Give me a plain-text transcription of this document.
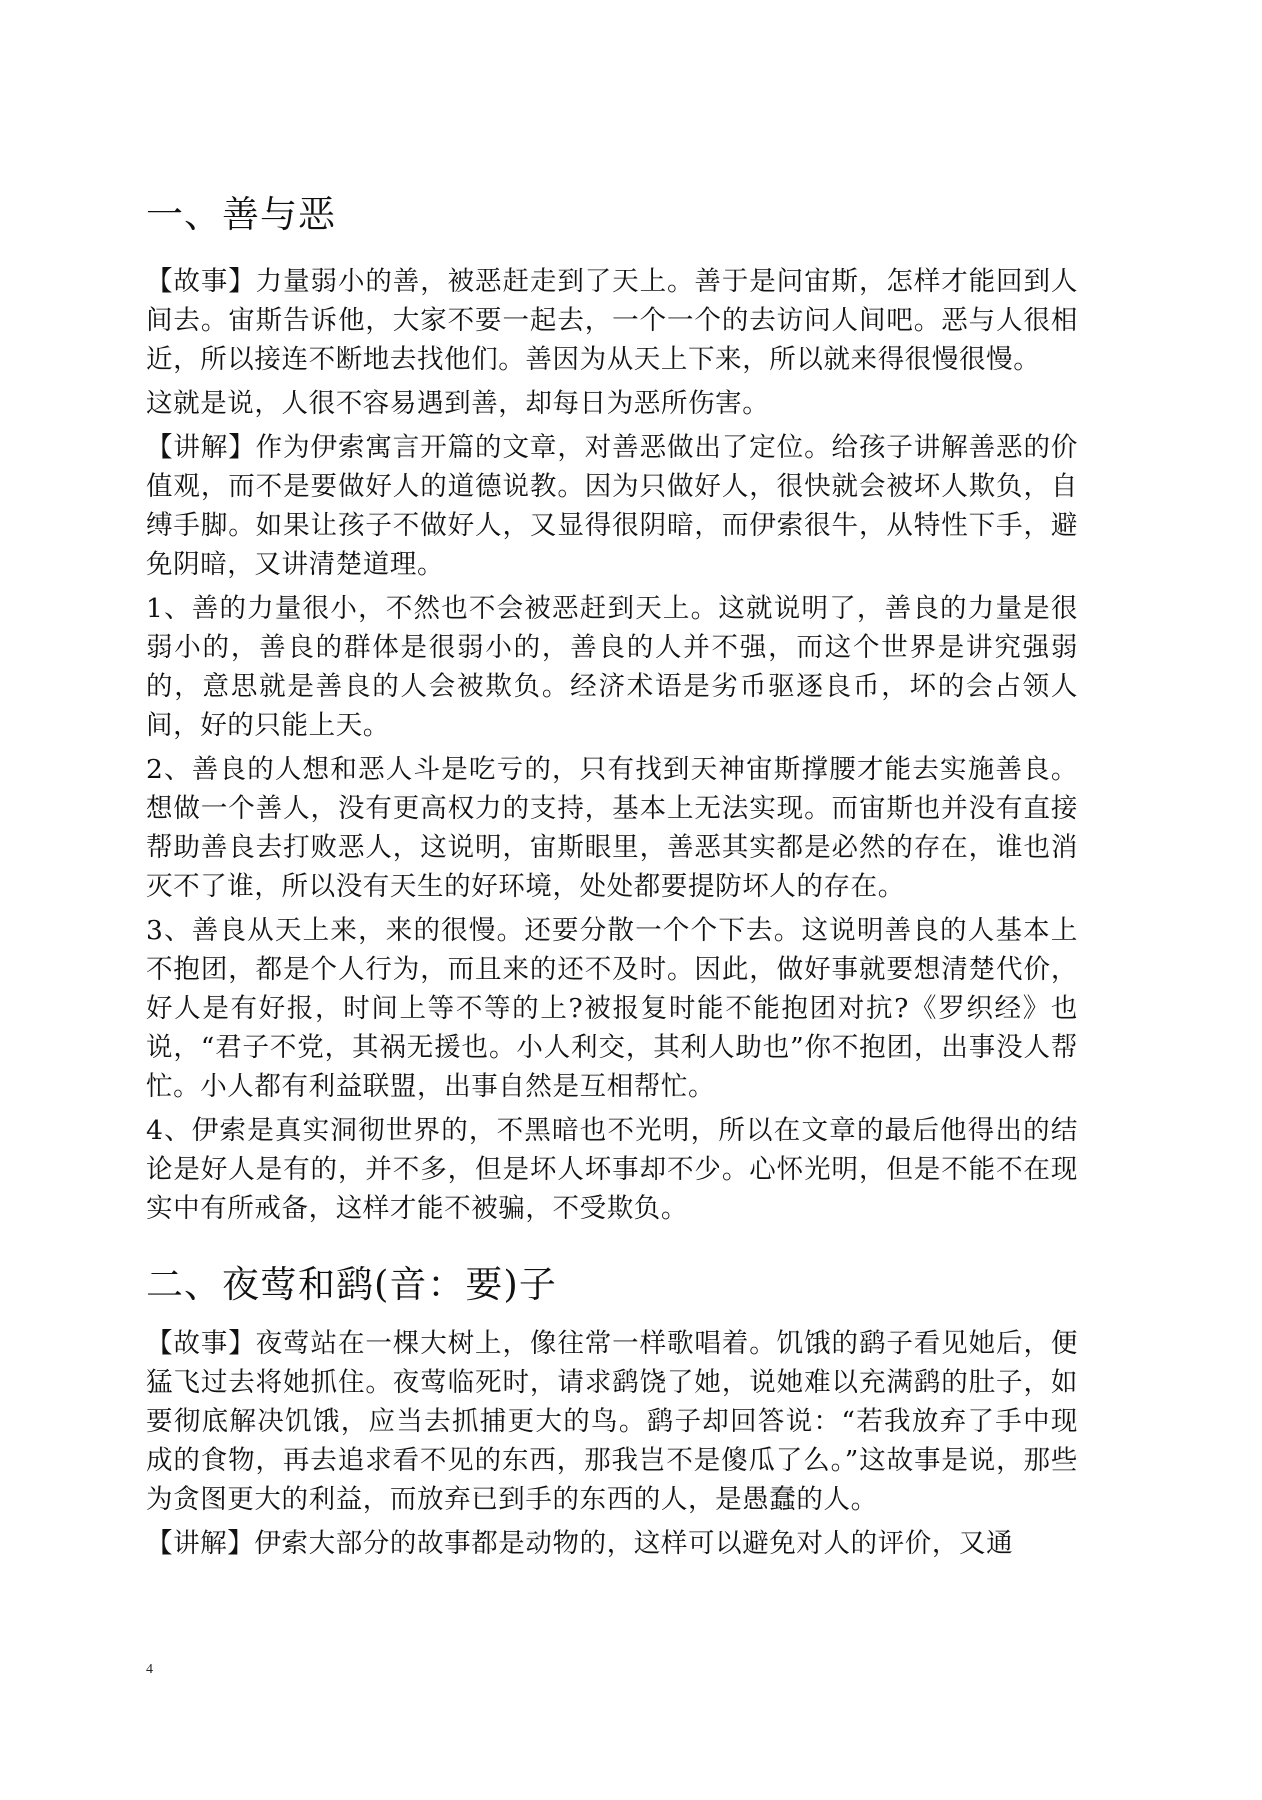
一、善与恶

【故事】力量弱小的善，被恶赶走到了天上。善于是问宙斯，怎样才能回到人间去。宙斯告诉他，大家不要一起去，一个一个的去访问人间吧。恶与人很相近，所以接连不断地去找他们。善因为从天上下来，所以就来得很慢很慢。

这就是说，人很不容易遇到善，却每日为恶所伤害。

【讲解】作为伊索寓言开篇的文章，对善恶做出了定位。给孩子讲解善恶的价值观，而不是要做好人的道德说教。因为只做好人，很快就会被坏人欺负，自缚手脚。如果让孩子不做好人，又显得很阴暗，而伊索很牛，从特性下手，避免阴暗，又讲清楚道理。

1、善的力量很小，不然也不会被恶赶到天上。这就说明了，善良的力量是很弱小的，善良的群体是很弱小的，善良的人并不强，而这个世界是讲究强弱的，意思就是善良的人会被欺负。经济术语是劣币驱逐良币，坏的会占领人间，好的只能上天。

2、善良的人想和恶人斗是吃亏的，只有找到天神宙斯撑腰才能去实施善良。想做一个善人，没有更高权力的支持，基本上无法实现。而宙斯也并没有直接帮助善良去打败恶人，这说明，宙斯眼里，善恶其实都是必然的存在，谁也消灭不了谁，所以没有天生的好环境，处处都要提防坏人的存在。

3、善良从天上来，来的很慢。还要分散一个个下去。这说明善良的人基本上不抱团，都是个人行为，而且来的还不及时。因此，做好事就要想清楚代价，好人是有好报，时间上等不等的上?被报复时能不能抱团对抗?《罗织经》也说，“君子不党，其祸无援也。小人利交，其利人助也”你不抱团，出事没人帮忙。小人都有利益联盟，出事自然是互相帮忙。

4、伊索是真实洞彻世界的，不黑暗也不光明，所以在文章的最后他得出的结论是好人是有的，并不多，但是坏人坏事却不少。心怀光明，但是不能不在现实中有所戒备，这样才能不被骗，不受欺负。

二、夜莺和鹞(音：要)子

【故事】夜莺站在一棵大树上，像往常一样歌唱着。饥饿的鹞子看见她后，便猛飞过去将她抓住。夜莺临死时，请求鹞饶了她，说她难以充满鹞的肚子，如要彻底解决饥饿，应当去抓捕更大的鸟。鹞子却回答说：“若我放弃了手中现成的食物，再去追求看不见的东西，那我岂不是傻瓜了么。”这故事是说，那些为贪图更大的利益，而放弃已到手的东西的人，是愚蠢的人。

【讲解】伊索大部分的故事都是动物的，这样可以避免对人的评价，又通

4
